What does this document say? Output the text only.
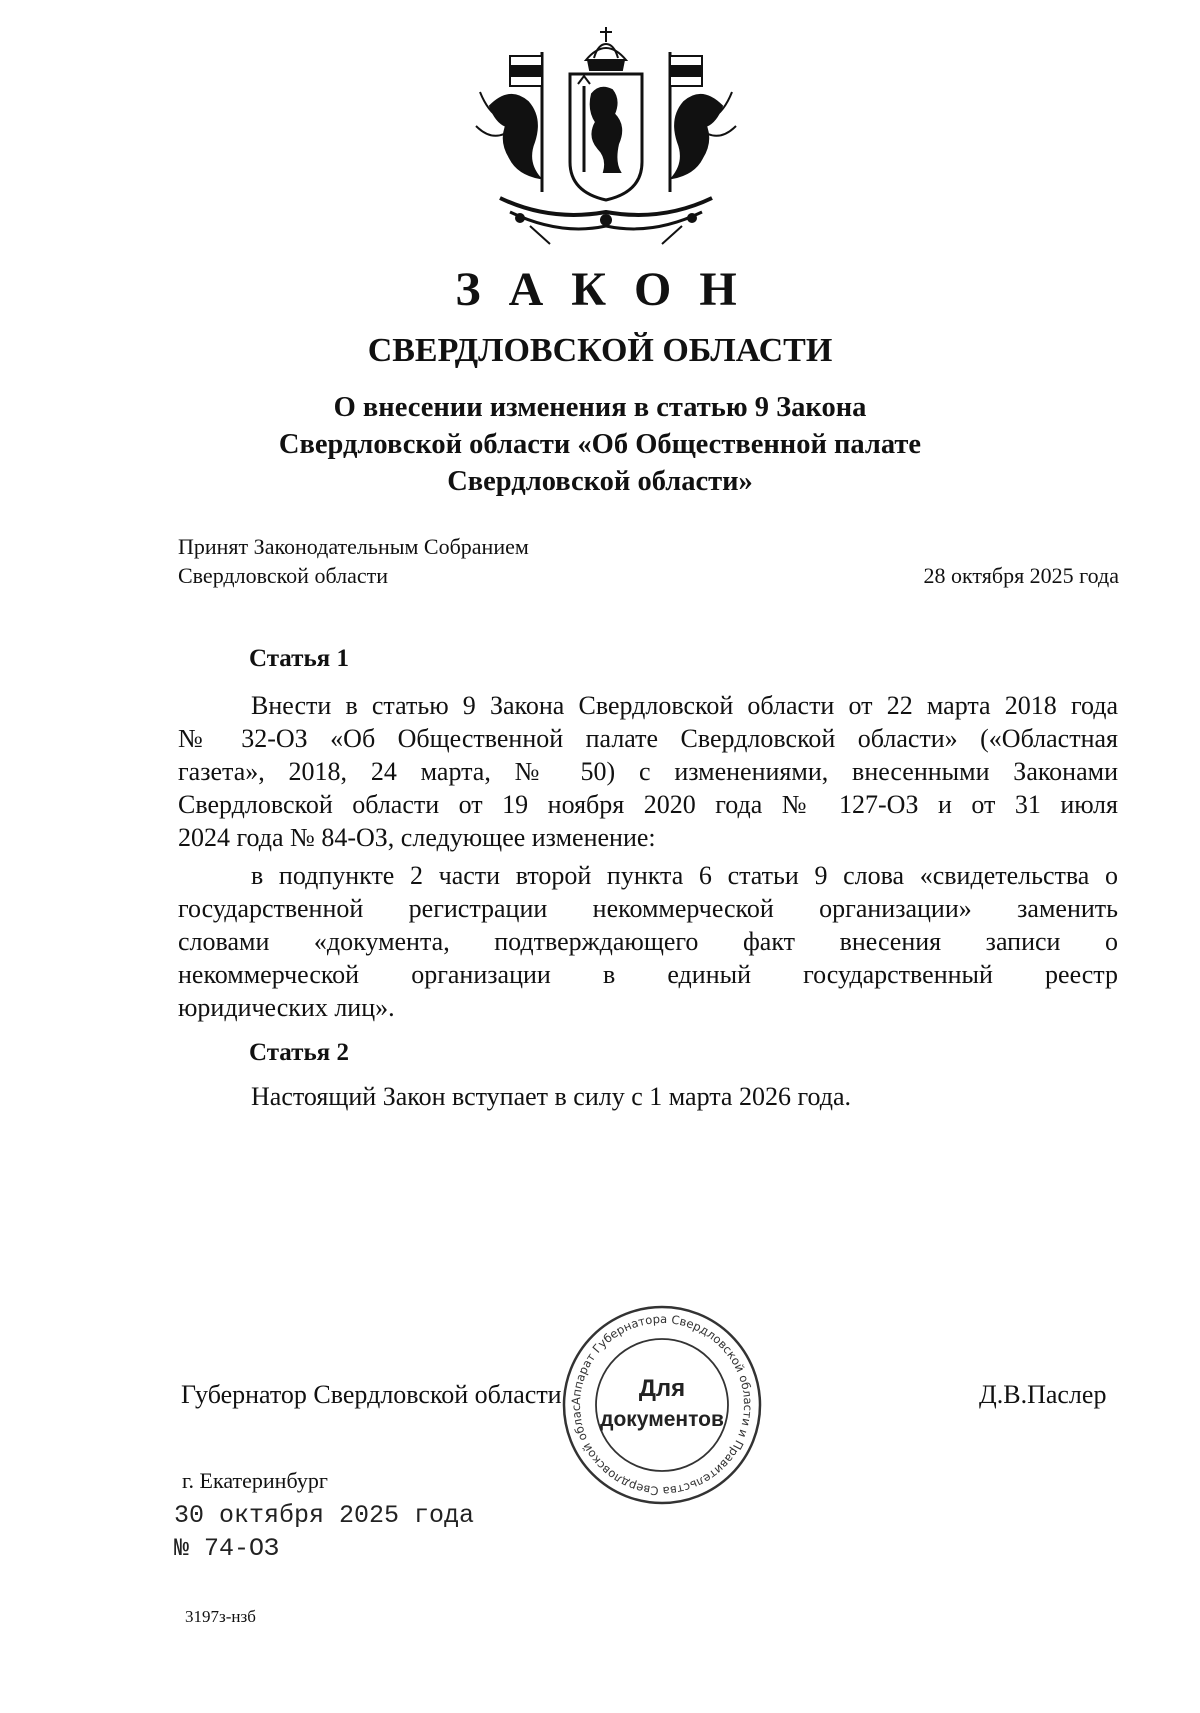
З А К О Н
СВЕРДЛОВСКОЙ ОБЛАСТИ
О внесении изменения в статью 9 Закона
Свердловской области «Об Общественной палате
Свердловской области»
Принят Законодательным Собранием
Свердловской области	28 октября 2025 года
Статья 1
Внести в статью 9 Закона Свердловской области от 22 марта 2018 года
№ 32-ОЗ «Об Общественной палате Свердловской области» («Областная
газета», 2018, 24 марта, № 50) с изменениями, внесенными Законами
Свердловской области от 19 ноября 2020 года № 127-ОЗ и от 31 июля
2024 года № 84-ОЗ, следующее изменение:
в подпункте 2 части второй пункта 6 статьи 9 слова «свидетельства о
государственной регистрации некоммерческой организации» заменить
словами «документа, подтверждающего факт внесения записи о
некоммерческой организации в единый государственный реестр
юридических лиц».
Статья 2
Настоящий Закон вступает в силу с 1 марта 2026 года.
Губернатор Свердловской области	Д.В.Паслер
Аппарат Губернатора Свердловской области и Правительства Свердловской облас
Для
документов
г. Екатеринбург
30 октября 2025 года
№ 74-ОЗ
3197з-нзб
